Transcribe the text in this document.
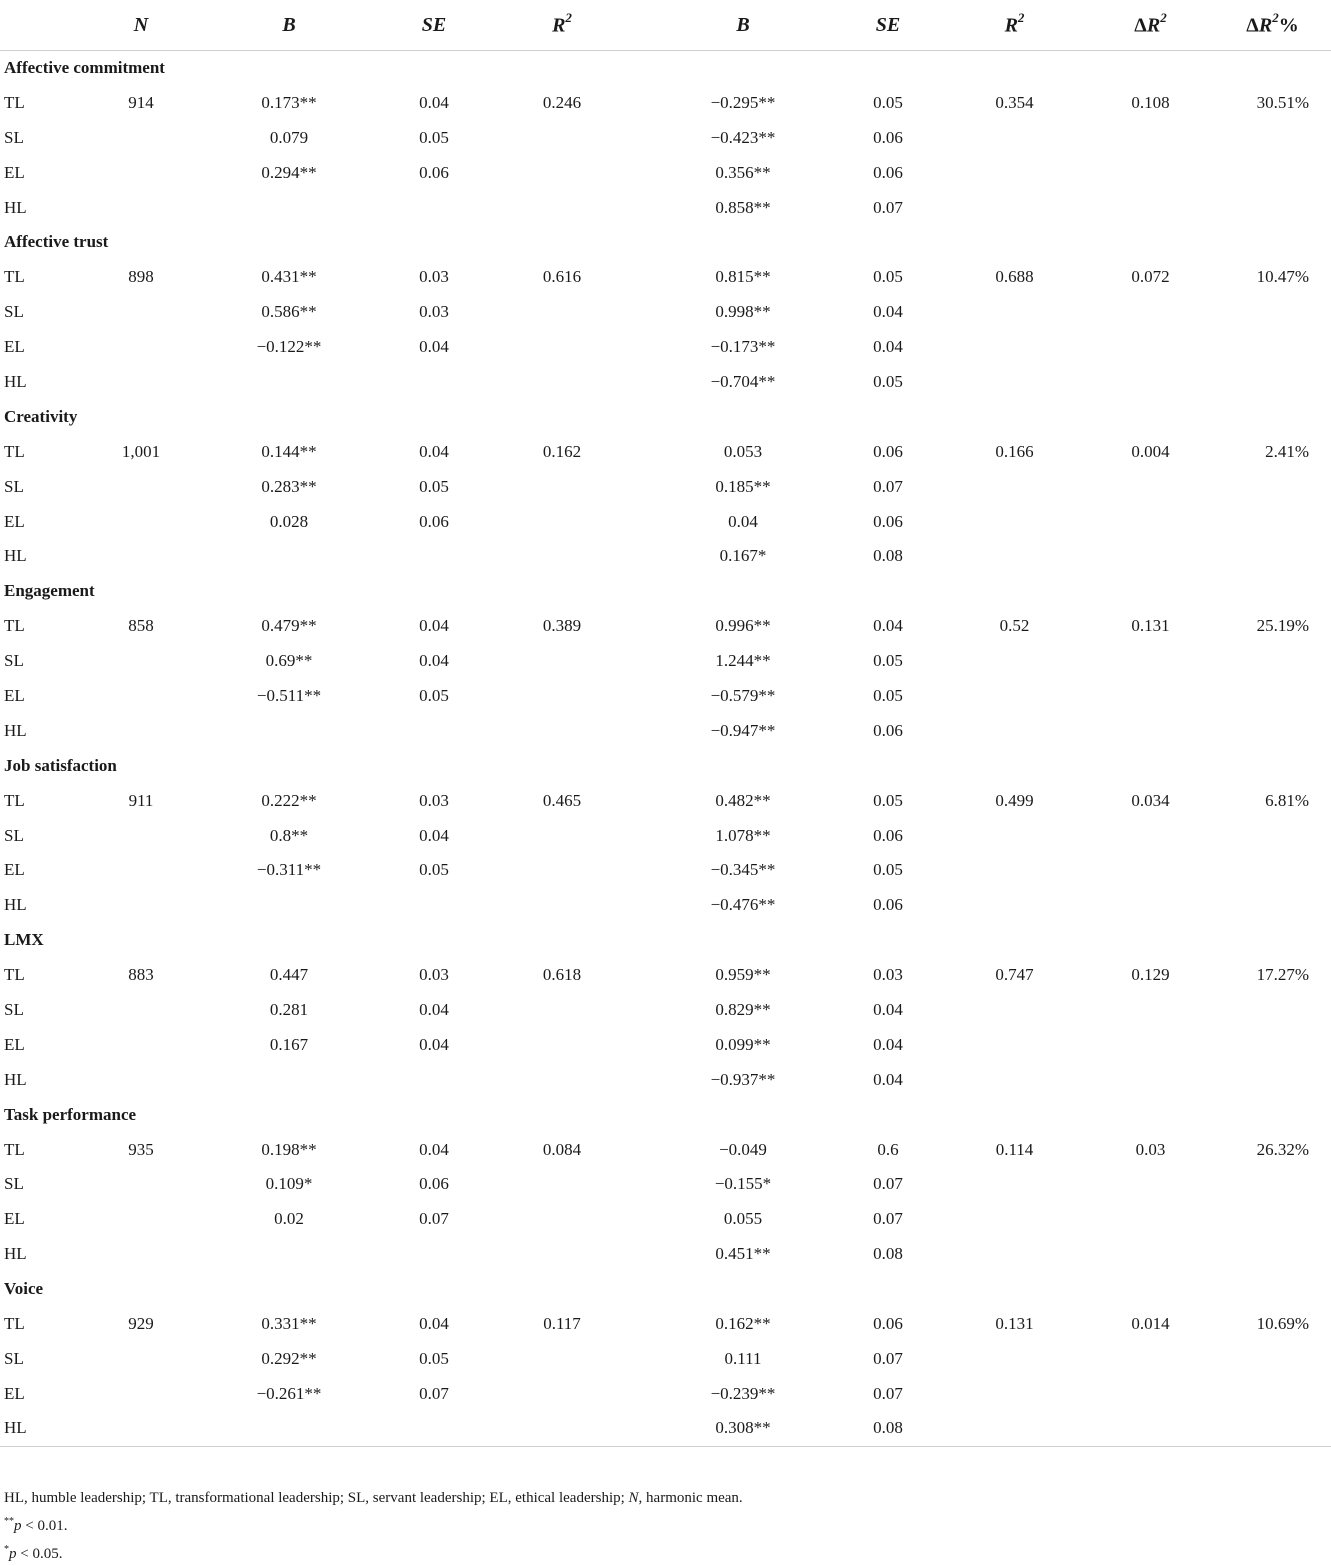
	N	B	SE	$R^2$	B	SE	$R^2$	$\Delta R^2$	$\Delta R^2\%$
Affective commitment									
TL	914	0.173**	0.04	0.246	−0.295**	0.05	0.354	0.108	30.51%
SL		0.079	0.05		−0.423**	0.06			
EL		0.294**	0.06		0.356**	0.06			
HL					0.858**	0.07			
Affective trust									
TL	898	0.431**	0.03	0.616	0.815**	0.05	0.688	0.072	10.47%
SL		0.586**	0.03		0.998**	0.04			
EL		−0.122**	0.04		−0.173**	0.04			
HL					−0.704**	0.05			
Creativity									
TL	1,001	0.144**	0.04	0.162	0.053	0.06	0.166	0.004	2.41%
SL		0.283**	0.05		0.185**	0.07			
EL		0.028	0.06		0.04	0.06			
HL					0.167*	0.08			
Engagement									
TL	858	0.479**	0.04	0.389	0.996**	0.04	0.52	0.131	25.19%
SL		0.69**	0.04		1.244**	0.05			
EL		−0.511**	0.05		−0.579**	0.05			
HL					−0.947**	0.06			
Job satisfaction									
TL	911	0.222**	0.03	0.465	0.482**	0.05	0.499	0.034	6.81%
SL		0.8**	0.04		1.078**	0.06			
EL		−0.311**	0.05		−0.345**	0.05			
HL					−0.476**	0.06			
LMX									
TL	883	0.447	0.03	0.618	0.959**	0.03	0.747	0.129	17.27%
SL		0.281	0.04		0.829**	0.04			
EL		0.167	0.04		0.099**	0.04			
HL					−0.937**	0.04			
Task performance									
TL	935	0.198**	0.04	0.084	−0.049	0.6	0.114	0.03	26.32%
SL		0.109*	0.06		−0.155*	0.07			
EL		0.02	0.07		0.055	0.07			
HL					0.451**	0.08			
Voice									
TL	929	0.331**	0.04	0.117	0.162**	0.06	0.131	0.014	10.69%
SL		0.292**	0.05		0.111	0.07			
EL		−0.261**	0.07		−0.239**	0.07			
HL					0.308**	0.08			
HL, humble leadership; TL, transformational leadership; SL, servant leadership; EL, ethical leadership; N, harmonic mean.
**p < 0.01.
*p < 0.05.
